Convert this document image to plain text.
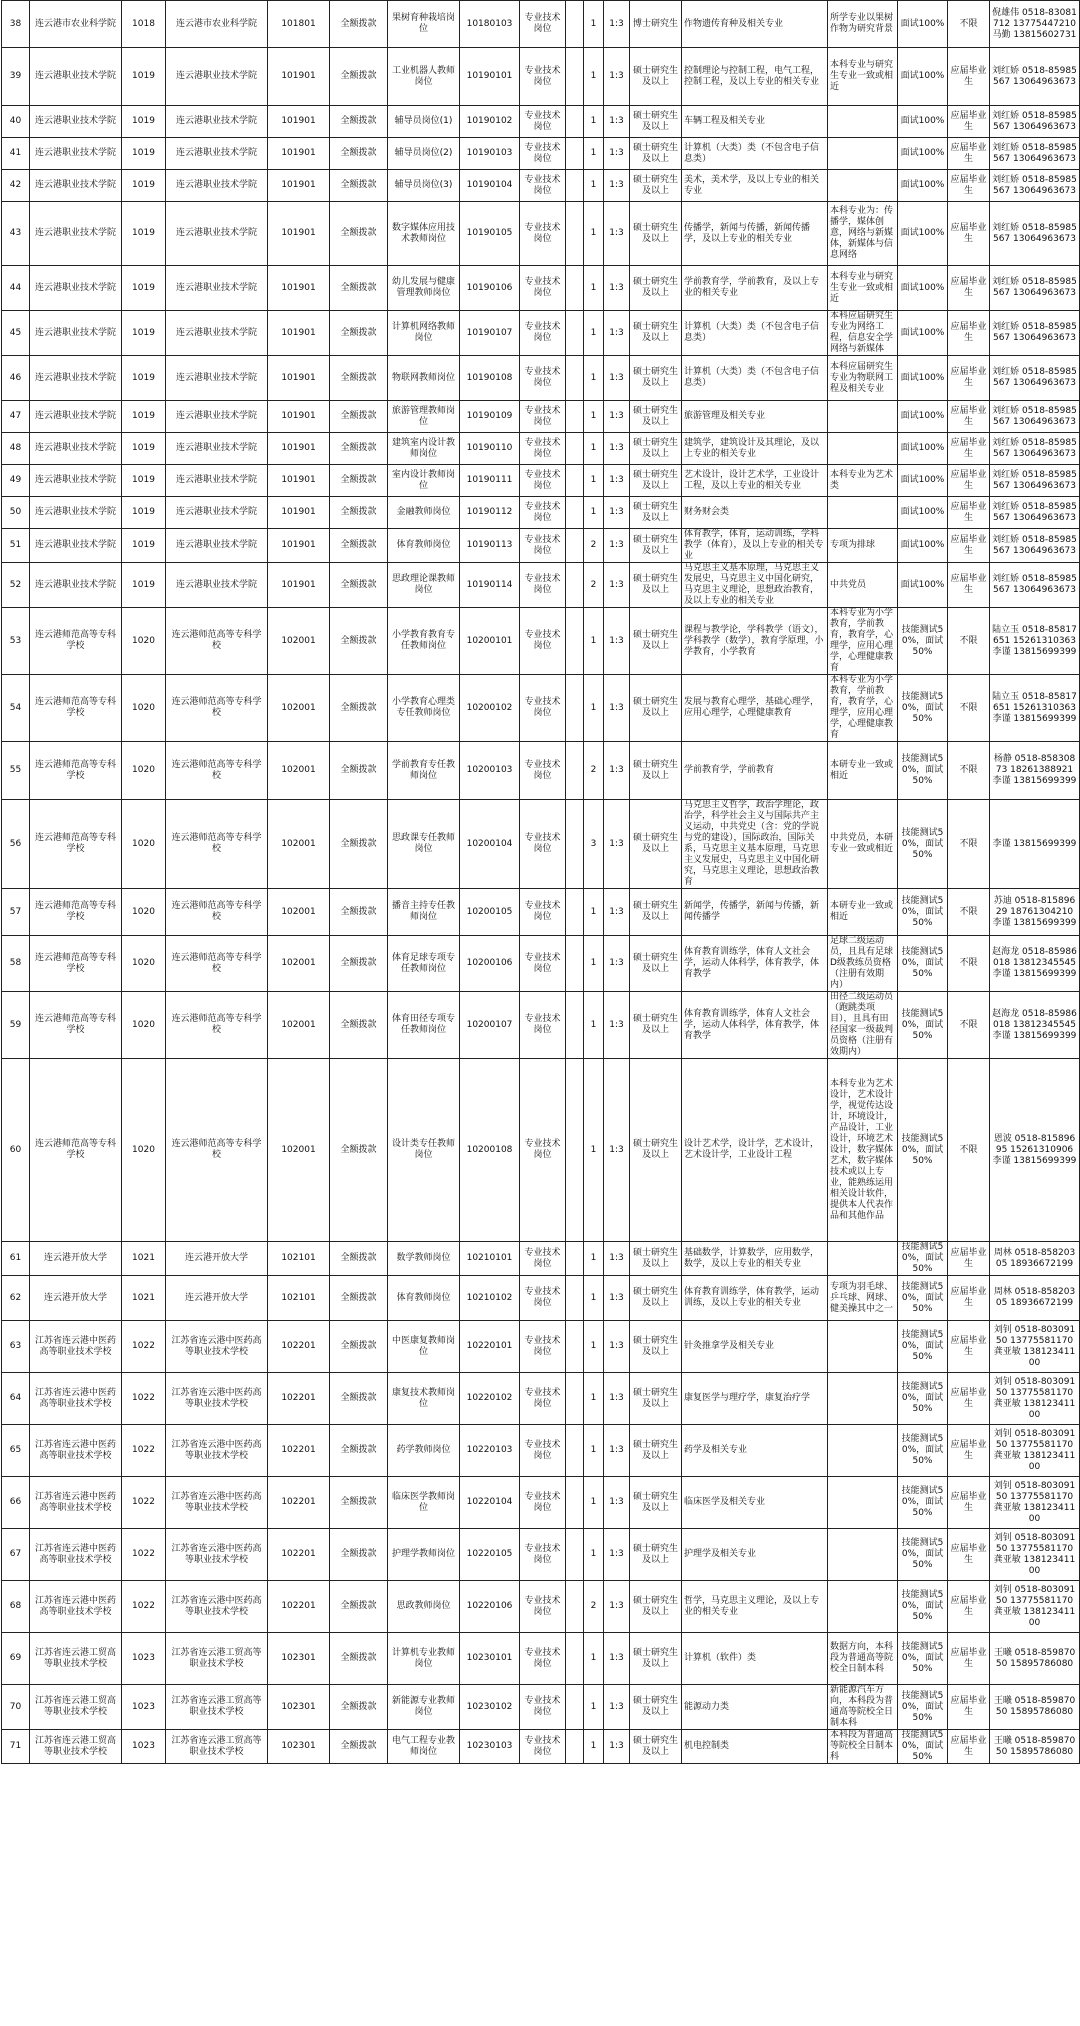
38	连云港市农业科学院	1018	连云港市农业科学院	101801	全额拨款	果树育种栽培岗位	10180103	专业技术岗位		1	1:3	博士研究生	作物遗传育种及相关专业	所学专业以果树作物为研究背景	面试100%	不限	倪雄伟 0518-83081712 13775447210 马勤 13815602731
39	连云港职业技术学院	1019	连云港职业技术学院	101901	全额拨款	工业机器人教师岗位	10190101	专业技术岗位		1	1:3	硕士研究生及以上	控制理论与控制工程，电气工程，控制工程，及以上专业的相关专业	本科专业与研究生专业一致或相近	面试100%	应届毕业生	刘红娇 0518-85985567 13064963673
40	连云港职业技术学院	1019	连云港职业技术学院	101901	全额拨款	辅导员岗位(1)	10190102	专业技术岗位		1	1:3	硕士研究生及以上	车辆工程及相关专业		面试100%	应届毕业生	刘红娇 0518-85985567 13064963673
41	连云港职业技术学院	1019	连云港职业技术学院	101901	全额拨款	辅导员岗位(2)	10190103	专业技术岗位		1	1:3	硕士研究生及以上	计算机（大类）类（不包含电子信息类）		面试100%	应届毕业生	刘红娇 0518-85985567 13064963673
42	连云港职业技术学院	1019	连云港职业技术学院	101901	全额拨款	辅导员岗位(3)	10190104	专业技术岗位		1	1:3	硕士研究生及以上	美术，美术学，及以上专业的相关专业		面试100%	应届毕业生	刘红娇 0518-85985567 13064963673
43	连云港职业技术学院	1019	连云港职业技术学院	101901	全额拨款	数字媒体应用技术教师岗位	10190105	专业技术岗位		1	1:3	硕士研究生及以上	传播学，新闻与传播，新闻传播学，及以上专业的相关专业	本科专业为：传播学，媒体创意，网络与新媒体，新媒体与信息网络	面试100%	应届毕业生	刘红娇 0518-85985567 13064963673
44	连云港职业技术学院	1019	连云港职业技术学院	101901	全额拨款	幼儿发展与健康管理教师岗位	10190106	专业技术岗位		1	1:3	硕士研究生及以上	学前教育学，学前教育，及以上专业的相关专业	本科专业与研究生专业一致或相近	面试100%	应届毕业生	刘红娇 0518-85985567 13064963673
45	连云港职业技术学院	1019	连云港职业技术学院	101901	全额拨款	计算机网络教师岗位	10190107	专业技术岗位		1	1:3	硕士研究生及以上	计算机（大类）类（不包含电子信息类）	本科应届研究生专业为网络工程，信息安全学网络与新媒体	面试100%	应届毕业生	刘红娇 0518-85985567 13064963673
46	连云港职业技术学院	1019	连云港职业技术学院	101901	全额拨款	物联网教师岗位	10190108	专业技术岗位		1	1:3	硕士研究生及以上	计算机（大类）类（不包含电子信息类）	本科应届研究生专业为物联网工程及相关专业	面试100%	应届毕业生	刘红娇 0518-85985567 13064963673
47	连云港职业技术学院	1019	连云港职业技术学院	101901	全额拨款	旅游管理教师岗位	10190109	专业技术岗位		1	1:3	硕士研究生及以上	旅游管理及相关专业		面试100%	应届毕业生	刘红娇 0518-85985567 13064963673
48	连云港职业技术学院	1019	连云港职业技术学院	101901	全额拨款	建筑室内设计教师岗位	10190110	专业技术岗位		1	1:3	硕士研究生及以上	建筑学，建筑设计及其理论，及以上专业的相关专业		面试100%	应届毕业生	刘红娇 0518-85985567 13064963673
49	连云港职业技术学院	1019	连云港职业技术学院	101901	全额拨款	室内设计教师岗位	10190111	专业技术岗位		1	1:3	硕士研究生及以上	艺术设计，设计艺术学，工业设计工程，及以上专业的相关专业	本科专业为艺术类	面试100%	应届毕业生	刘红娇 0518-85985567 13064963673
50	连云港职业技术学院	1019	连云港职业技术学院	101901	全额拨款	金融教师岗位	10190112	专业技术岗位		1	1:3	硕士研究生及以上	财务财会类		面试100%	应届毕业生	刘红娇 0518-85985567 13064963673
51	连云港职业技术学院	1019	连云港职业技术学院	101901	全额拨款	体育教师岗位	10190113	专业技术岗位		2	1:3	硕士研究生及以上	体育教学，体育，运动训练，学科教学（体育），及以上专业的相关专业	专项为排球	面试100%	应届毕业生	刘红娇 0518-85985567 13064963673
52	连云港职业技术学院	1019	连云港职业技术学院	101901	全额拨款	思政理论课教师岗位	10190114	专业技术岗位		2	1:3	硕士研究生及以上	马克思主义基本原理，马克思主义发展史，马克思主义中国化研究，马克思主义理论，思想政治教育，及以上专业的相关专业	中共党员	面试100%	应届毕业生	刘红娇 0518-85985567 13064963673
53	连云港师范高等专科学校	1020	连云港师范高等专科学校	102001	全额拨款	小学教育教育专任教师岗位	10200101	专业技术岗位		1	1:3	硕士研究生及以上	课程与教学论，学科教学（语文），学科教学（数学），教育学原理，小学教育，小学教育	本科专业为小学教育，学前教育，教育学，心理学，应用心理学，心理健康教育	技能测试50%，面试50%	不限	陆立玉 0518-85817651 15261310363 李谨 13815699399
54	连云港师范高等专科学校	1020	连云港师范高等专科学校	102001	全额拨款	小学教育心理类专任教师岗位	10200102	专业技术岗位		1	1:3	硕士研究生及以上	发展与教育心理学，基础心理学，应用心理学，心理健康教育	本科专业为小学教育，学前教育，教育学，心理学，应用心理学，心理健康教育	技能测试50%，面试50%	不限	陆立玉 0518-85817651 15261310363 李谨 13815699399
55	连云港师范高等专科学校	1020	连云港师范高等专科学校	102001	全额拨款	学前教育专任教师岗位	10200103	专业技术岗位		2	1:3	硕士研究生及以上	学前教育学，学前教育	本研专业一致或相近	技能测试50%，面试50%	不限	杨静 0518-85830873 18261388921 李谨 13815699399
56	连云港师范高等专科学校	1020	连云港师范高等专科学校	102001	全额拨款	思政课专任教师岗位	10200104	专业技术岗位		3	1:3	硕士研究生及以上	马克思主义哲学，政治学理论，政治学，科学社会主义与国际共产主义运动，中共党史（含：党的学说与党的建设），国际政治，国际关系，马克思主义基本原理，马克思主义发展史，马克思主义中国化研究，马克思主义理论，思想政治教育	中共党员，本研专业一致或相近	技能测试50%，面试50%	不限	李谨 13815699399
57	连云港师范高等专科学校	1020	连云港师范高等专科学校	102001	全额拨款	播音主持专任教师岗位	10200105	专业技术岗位		1	1:3	硕士研究生及以上	新闻学，传播学，新闻与传播，新闻传播学	本研专业一致或相近	技能测试50%，面试50%	不限	苏迪 0518-81589629 18761304210 李谨 13815699399
58	连云港师范高等专科学校	1020	连云港师范高等专科学校	102001	全额拨款	体育足球专项专任教师岗位	10200106	专业技术岗位		1	1:3	硕士研究生及以上	体育教育训练学，体育人文社会学，运动人体科学，体育教学，体育教学	足球二级运动员，且具有足球D级教练员资格（注册有效期内）	技能测试50%，面试50%	不限	赵海龙 0518-85986018 13812345545 李谨 13815699399
59	连云港师范高等专科学校	1020	连云港师范高等专科学校	102001	全额拨款	体育田径专项专任教师岗位	10200107	专业技术岗位		1	1:3	硕士研究生及以上	体育教育训练学，体育人文社会学，运动人体科学，体育教学，体育教学	田径二级运动员（跑跳类项目），且具有田径国家一级裁判员资格（注册有效期内）	技能测试50%，面试50%	不限	赵海龙 0518-85986018 13812345545 李谨 13815699399
60	连云港师范高等专科学校	1020	连云港师范高等专科学校	102001	全额拨款	设计类专任教师岗位	10200108	专业技术岗位		1	1:3	硕士研究生及以上	设计艺术学，设计学，艺术设计，艺术设计学，工业设计工程	本科专业为艺术设计，艺术设计学，视觉传达设计，环境设计，产品设计，工业设计，环境艺术设计，数字媒体艺术，数字媒体技术或以上专业，能熟练运用相关设计软件，提供本人代表作品和其他作品	技能测试50%，面试50%	不限	恩波 0518-81589695 15261310906 李谨 13815699399
61	连云港开放大学	1021	连云港开放大学	102101	全额拨款	数学教师岗位	10210101	专业技术岗位		1	1:3	硕士研究生及以上	基础数学，计算数学，应用数学，数学，及以上专业的相关专业		技能测试50%，面试50%	应届毕业生	周林 0518-85820305 18936672199
62	连云港开放大学	1021	连云港开放大学	102101	全额拨款	体育教师岗位	10210102	专业技术岗位		1	1:3	硕士研究生及以上	体育教育训练学，体育教学，运动训练，及以上专业的相关专业	专项为羽毛球、乒乓球、网球、健美操其中之一	技能测试50%，面试50%	应届毕业生	周林 0518-85820305 18936672199
63	江苏省连云港中医药高等职业技术学校	1022	江苏省连云港中医药高等职业技术学校	102201	全额拨款	中医康复教师岗位	10220101	专业技术岗位		1	1:3	硕士研究生及以上	针灸推拿学及相关专业		技能测试50%，面试50%	应届毕业生	刘钊 0518-80309150 13775581170 龚亚敏 13812341100
64	江苏省连云港中医药高等职业技术学校	1022	江苏省连云港中医药高等职业技术学校	102201	全额拨款	康复技术教师岗位	10220102	专业技术岗位		1	1:3	硕士研究生及以上	康复医学与理疗学，康复治疗学		技能测试50%，面试50%	应届毕业生	刘钊 0518-80309150 13775581170 龚亚敏 13812341100
65	江苏省连云港中医药高等职业技术学校	1022	江苏省连云港中医药高等职业技术学校	102201	全额拨款	药学教师岗位	10220103	专业技术岗位		1	1:3	硕士研究生及以上	药学及相关专业		技能测试50%，面试50%	应届毕业生	刘钊 0518-80309150 13775581170 龚亚敏 13812341100
66	江苏省连云港中医药高等职业技术学校	1022	江苏省连云港中医药高等职业技术学校	102201	全额拨款	临床医学教师岗位	10220104	专业技术岗位		1	1:3	硕士研究生及以上	临床医学及相关专业		技能测试50%，面试50%	应届毕业生	刘钊 0518-80309150 13775581170 龚亚敏 13812341100
67	江苏省连云港中医药高等职业技术学校	1022	江苏省连云港中医药高等职业技术学校	102201	全额拨款	护理学教师岗位	10220105	专业技术岗位		1	1:3	硕士研究生及以上	护理学及相关专业		技能测试50%，面试50%	应届毕业生	刘钊 0518-80309150 13775581170 龚亚敏 13812341100
68	江苏省连云港中医药高等职业技术学校	1022	江苏省连云港中医药高等职业技术学校	102201	全额拨款	思政教师岗位	10220106	专业技术岗位		2	1:3	硕士研究生及以上	哲学，马克思主义理论，及以上专业的相关专业		技能测试50%，面试50%	应届毕业生	刘钊 0518-80309150 13775581170 龚亚敏 13812341100
69	江苏省连云港工贸高等职业技术学校	1023	江苏省连云港工贸高等职业技术学校	102301	全额拨款	计算机专业教师岗位	10230101	专业技术岗位		1	1:3	硕士研究生及以上	计算机（软件）类	数据方向，本科段为普通高等院校全日制本科	技能测试50%，面试50%	应届毕业生	王曦 0518-85987050 15895786080
70	江苏省连云港工贸高等职业技术学校	1023	江苏省连云港工贸高等职业技术学校	102301	全额拨款	新能源专业教师岗位	10230102	专业技术岗位		1	1:3	硕士研究生及以上	能源动力类	新能源汽车方向，本科段为普通高等院校全日制本科	技能测试50%，面试50%	应届毕业生	王曦 0518-85987050 15895786080
71	江苏省连云港工贸高等职业技术学校	1023	江苏省连云港工贸高等职业技术学校	102301	全额拨款	电气工程专业教师岗位	10230103	专业技术岗位		1	1:3	硕士研究生及以上	机电控制类	本科段为普通高等院校全日制本科	技能测试50%，面试50%	应届毕业生	王曦 0518-85987050 15895786080
